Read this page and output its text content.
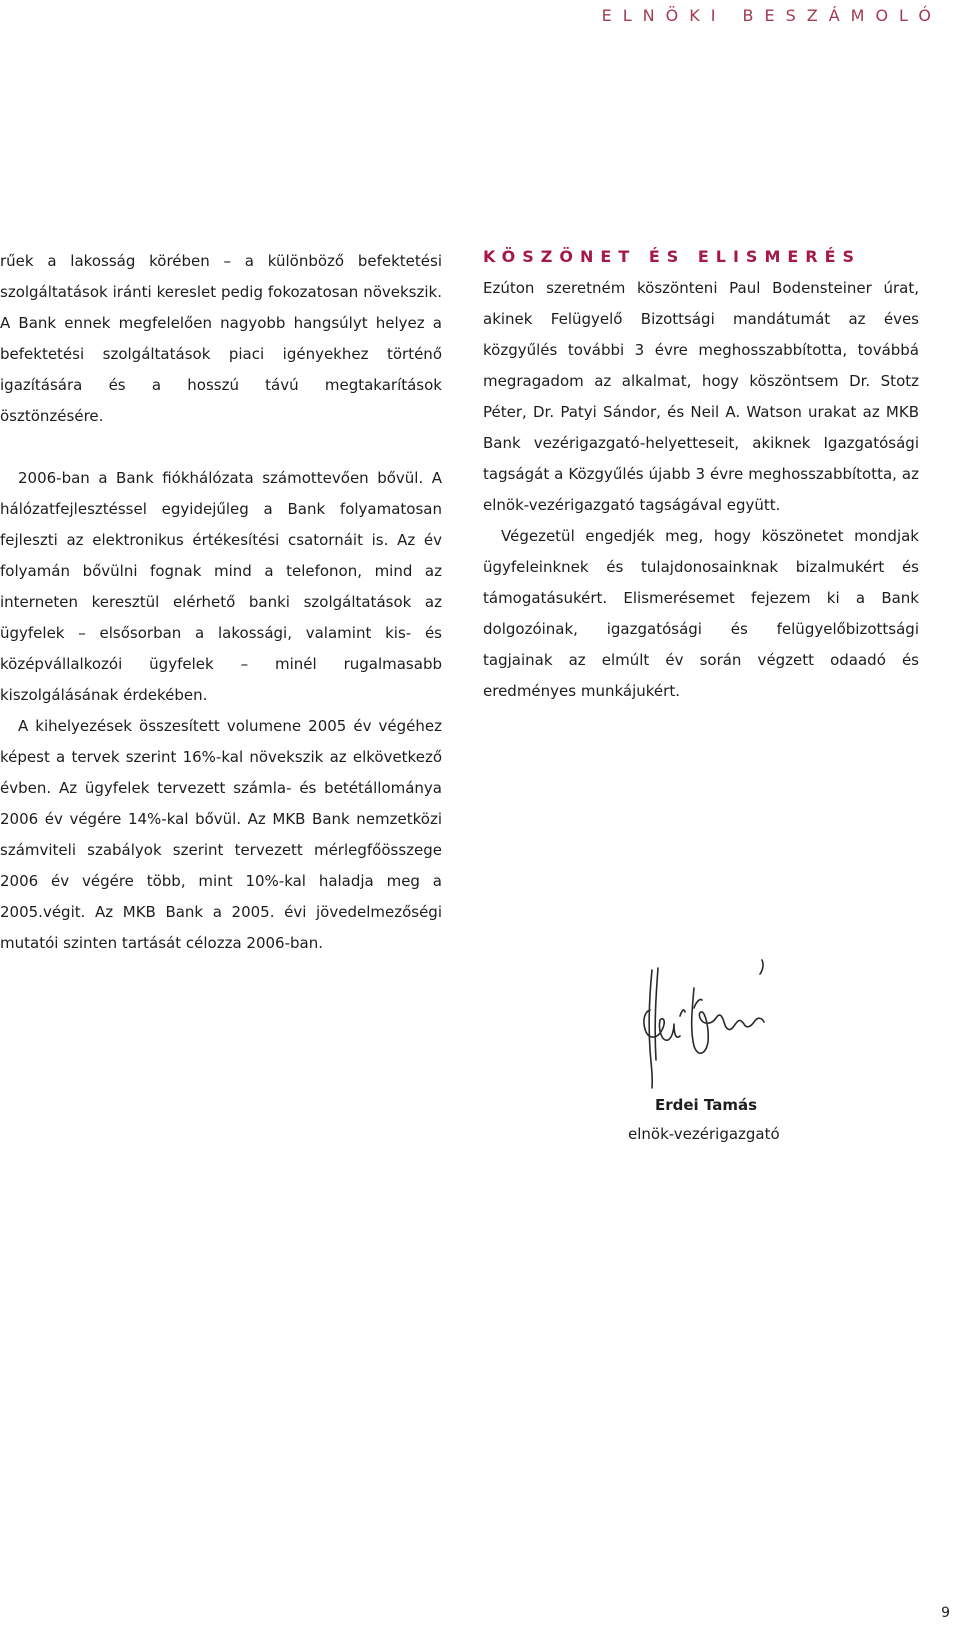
ELNÖKI BESZÁMOLÓ

rűek a lakosság körében – a különböző befektetési szolgáltatások iránti kereslet pedig fokozatosan növekszik. A Bank ennek megfelelően nagyobb hangsúlyt helyez a befektetési szolgáltatások piaci igényekhez történő igazítására és a hosszú távú megtakarítások ösztönzésére.

2006-ban a Bank fiókhálózata számottevően bővül. A hálózatfejlesztéssel egyidejűleg a Bank folyamatosan fejleszti az elektronikus értékesítési csatornáit is. Az év folyamán bővülni fognak mind a telefonon, mind az interneten keresztül elérhető banki szolgáltatások az ügyfelek – elsősorban a lakossági, valamint kis- és középvállalkozói ügyfelek – minél rugalmasabb kiszolgálásának érdekében.

A kihelyezések összesített volumene 2005 év végéhez képest a tervek szerint 16%-kal növekszik az elkövetkező évben. Az ügyfelek tervezett számla- és betétállománya 2006 év végére 14%-kal bővül. Az MKB Bank nemzetközi számviteli szabályok szerint tervezett mérlegfőösszege 2006 év végére több, mint 10%-kal haladja meg a 2005.végit. Az MKB Bank a 2005. évi jövedelmezőségi mutatói szinten tartását célozza 2006-ban.

KÖSZÖNET ÉS ELISMERÉS

Ezúton szeretném köszönteni Paul Bodensteiner úrat, akinek Felügyelő Bizottsági mandátumát az éves közgyűlés további 3 évre meghosszabbította, továbbá megragadom az alkalmat, hogy köszöntsem Dr. Stotz Péter, Dr. Patyi Sándor, és Neil A. Watson urakat az MKB Bank vezérigazgató-helyetteseit, akiknek Igazgatósági tagságát a Közgyűlés újabb 3 évre meghosszabbította, az elnök-vezérigazgató tagságával együtt.

Végezetül engedjék meg, hogy köszönetet mondjak ügyfeleinknek és tulajdonosainknak bizalmukért és támogatásukért. Elismerésemet fejezem ki a Bank dolgozóinak, igazgatósági és felügyelőbizottsági tagjainak az elmúlt év során végzett odaadó és eredményes munkájukért.

Erdei Tamás
elnök-vezérigazgató
9
